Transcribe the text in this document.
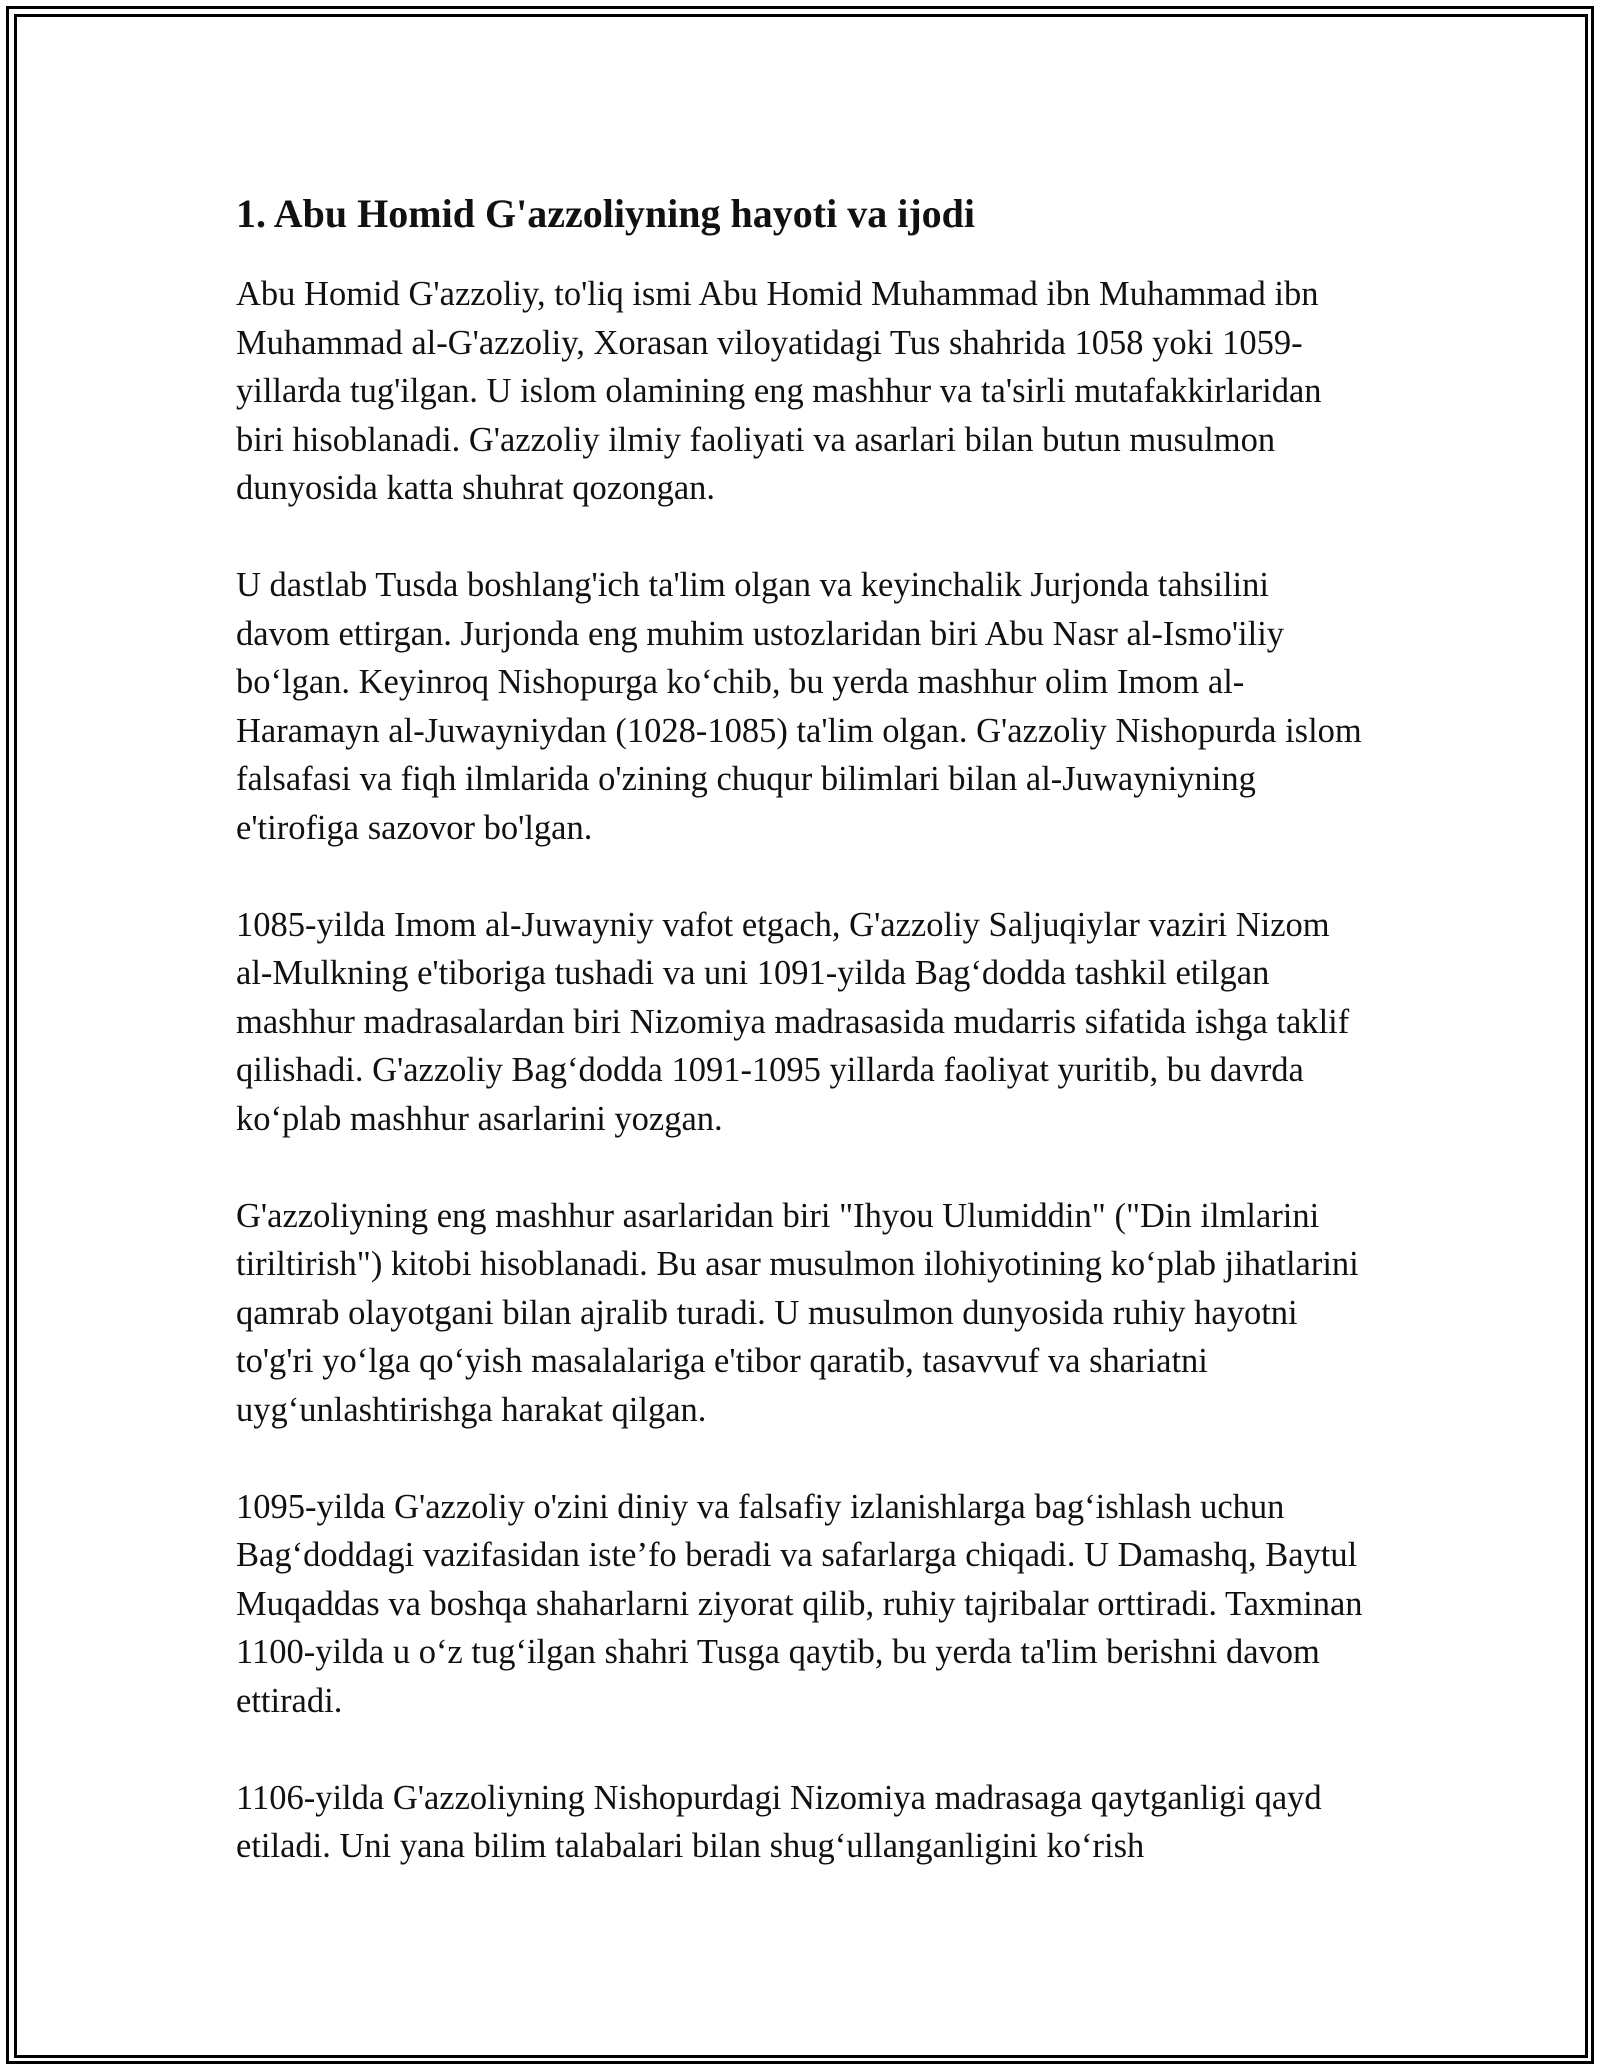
1. Abu Homid G'azzoliyning hayoti va ijodi

Abu Homid G'azzoliy, to'liq ismi Abu Homid Muhammad ibn Muhammad ibn Muhammad al-G'azzoliy, Xorasan viloyatidagi Tus shahrida 1058 yoki 1059-yillarda tug'ilgan. U islom olamining eng mashhur va ta'sirli mutafakkirlaridan biri hisoblanadi. G'azzoliy ilmiy faoliyati va asarlari bilan butun musulmon dunyosida katta shuhrat qozongan.

U dastlab Tusda boshlang'ich ta'lim olgan va keyinchalik Jurjonda tahsilini davom ettirgan. Jurjonda eng muhim ustozlaridan biri Abu Nasr al-Ismo'iliy bo‘lgan. Keyinroq Nishopurga ko‘chib, bu yerda mashhur olim Imom al-Haramayn al-Juwayniydan (1028-1085) ta'lim olgan. G'azzoliy Nishopurda islom falsafasi va fiqh ilmlarida o'zining chuqur bilimlari bilan al-Juwayniyning e'tirofiga sazovor bo'lgan.

1085-yilda Imom al-Juwayniy vafot etgach, G'azzoliy Saljuqiylar vaziri Nizom al-Mulkning e'tiboriga tushadi va uni 1091-yilda Bag‘dodda tashkil etilgan mashhur madrasalardan biri Nizomiya madrasasida mudarris sifatida ishga taklif qilishadi. G'azzoliy Bag‘dodda 1091-1095 yillarda faoliyat yuritib, bu davrda ko‘plab mashhur asarlarini yozgan.

G'azzoliyning eng mashhur asarlaridan biri "Ihyou Ulumiddin" ("Din ilmlarini tiriltirish") kitobi hisoblanadi. Bu asar musulmon ilohiyotining ko‘plab jihatlarini qamrab olayotgani bilan ajralib turadi. U musulmon dunyosida ruhiy hayotni to'g'ri yo‘lga qo‘yish masalalariga e'tibor qaratib, tasavvuf va shariatni uyg‘unlashtirishga harakat qilgan.

1095-yilda G'azzoliy o'zini diniy va falsafiy izlanishlarga bag‘ishlash uchun Bag‘doddagi vazifasidan iste’fo beradi va safarlarga chiqadi. U Damashq, Baytul Muqaddas va boshqa shaharlarni ziyorat qilib, ruhiy tajribalar orttiradi. Taxminan 1100-yilda u o‘z tug‘ilgan shahri Tusga qaytib, bu yerda ta'lim berishni davom ettiradi.

1106-yilda G'azzoliyning Nishopurdagi Nizomiya madrasaga qaytganligi qayd etiladi. Uni yana bilim talabalari bilan shug‘ullanganligini ko‘rish
